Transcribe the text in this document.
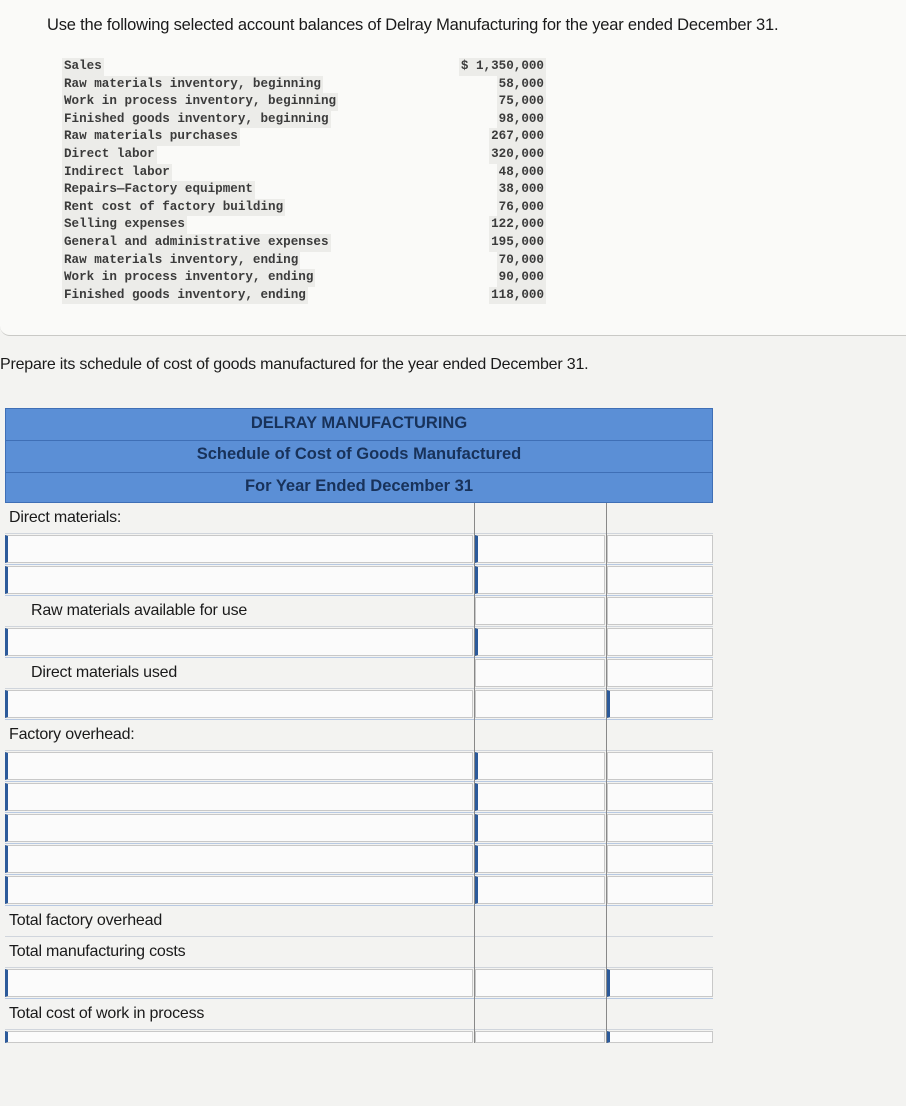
Use the following selected account balances of Delray Manufacturing for the year ended December 31.
Sales	$ 1,350,000
Raw materials inventory, beginning	58,000
Work in process inventory, beginning	75,000
Finished goods inventory, beginning	98,000
Raw materials purchases	267,000
Direct labor	320,000
Indirect labor	48,000
Repairs—Factory equipment	38,000
Rent cost of factory building	76,000
Selling expenses	122,000
General and administrative expenses	195,000
Raw materials inventory, ending	70,000
Work in process inventory, ending	90,000
Finished goods inventory, ending	118,000
Prepare its schedule of cost of goods manufactured for the year ended December 31.
DELRAY MANUFACTURING
Schedule of Cost of Goods Manufactured
For Year Ended December 31
Direct materials:
Raw materials available for use
Direct materials used
Factory overhead:
Total factory overhead
Total manufacturing costs
Total cost of work in process
